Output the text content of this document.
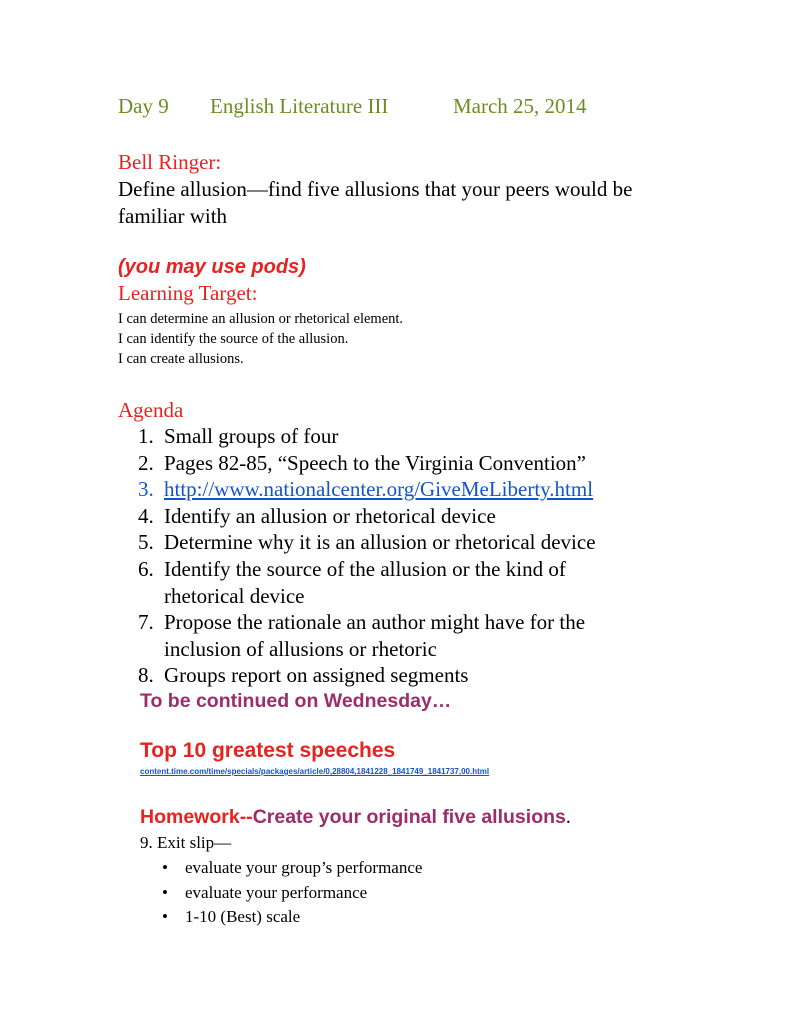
Day 9 English Literature III	March 25, 2014
Bell Ringer:
Define allusion—find five allusions that your peers would be familiar with
(you may use pods)
Learning Target:
I can determine an allusion or rhetorical element.
I can identify the source of the allusion.
I can create allusions.
Agenda
1. Small groups of four
2. Pages 82-85, “Speech to the Virginia Convention”
3. http://www.nationalcenter.org/GiveMeLiberty.html
4. Identify an allusion or rhetorical device
5. Determine why it is an allusion or rhetorical device
6. Identify the source of the allusion or the kind of
rhetorical device
7. Propose the rationale an author might have for the
inclusion of allusions or rhetoric
8. Groups report on assigned segments
To be continued on Wednesday…
Top 10 greatest speeches
content.time.com/time/specials/packages/article/0,28804,1841228_1841749_1841737,00.html
Homework--Create your original five allusions.
9. Exit slip—
• evaluate your group’s performance
• evaluate your performance
• 1-10 (Best) scale
